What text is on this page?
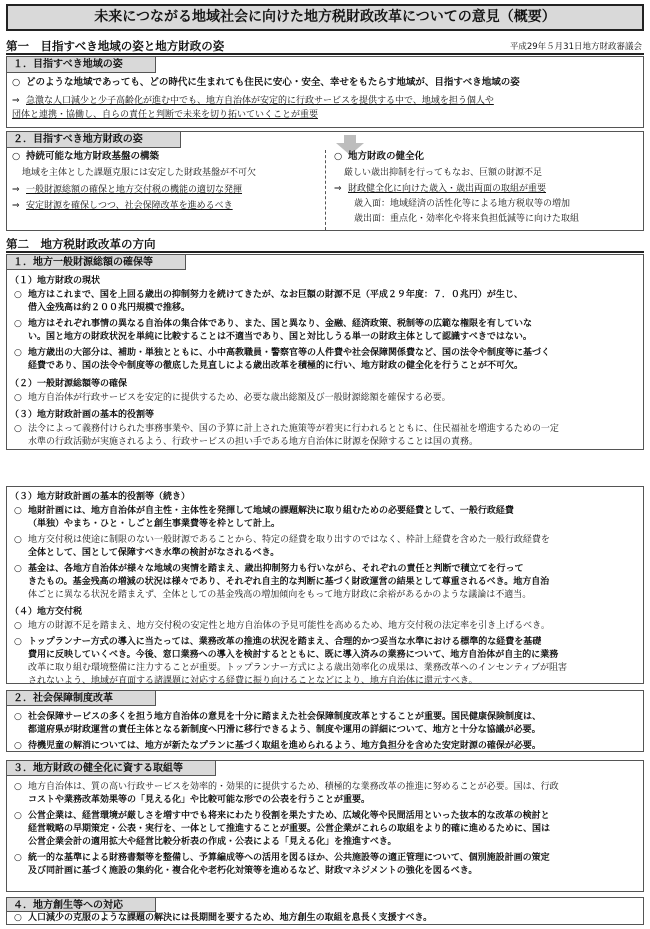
未来につながる地域社会に向けた地方税財政改革についての意見（概要）
第一　目指すべき地域の姿と地方財政の姿	平成29年５月31日地方財政審議会
１．目指すべき地域の姿
○ どのような地域であっても、どの時代に生まれても住民に安心・安全、幸せをもたらす地域が、目指すべき地域の姿
⇒ 急激な人口減少と少子高齢化が進む中でも、地方自治体が安定的に行政サービスを提供する中で、地域を担う個人や
団体と連携・協働し、自らの責任と判断で未来を切り拓いていくことが重要
２．目指すべき地方財政の姿
○ 持続可能な地方財政基盤の構築
地域を主体とした課題克服には安定した財政基盤が不可欠
⇒ 一般財源総額の確保と地方交付税の機能の適切な発揮
⇒ 安定財源を確保しつつ、社会保障改革を進めるべき
○ 地方財政の健全化
厳しい歳出抑制を行ってもなお、巨額の財源不足
⇒ 財政健全化に向けた歳入・歳出両面の取組が重要
歳入面：地域経済の活性化等による地方税収等の増加
歳出面：重点化・効率化や将来負担低減等に向けた取組
第二　地方税財政改革の方向
１．地方一般財源総額の確保等
（１）地方財政の現状
○ 地方はこれまで、国を上回る歳出の抑制努力を続けてきたが、なお巨額の財源不足（平成２９年度：７．０兆円）が生じ、
借入金残高は約２００兆円規模で推移。
○ 地方はそれぞれ事情の異なる自治体の集合体であり、また、国と異なり、金融、経済政策、税制等の広範な権限を有していな
い。国と地方の財政状況を単純に比較することは不適当であり、国と対比しうる単一の財政主体として認識すべきではない。
○ 地方歳出の大部分は、補助・単独とともに、小中高教職員・警察官等の人件費や社会保障関係費など、国の法令や制度等に基づく
経費であり、国の法令や制度等の徹底した見直しによる歳出改革を積極的に行い、地方財政の健全化を行うことが不可欠。
（２）一般財源総額等の確保
○ 地方自治体が行政サービスを安定的に提供するため、必要な歳出総額及び一般財源総額を確保する必要。
（３）地方財政計画の基本的役割等
○ 法令によって義務付けられた事務事業や、国の予算に計上された施策等が着実に行われるとともに、住民福祉を増進するための一定
水準の行政活動が実施されるよう、行政サービスの担い手である地方自治体に財源を保障することは国の責務。
（３）地方財政計画の基本的役割等（続き）
○ 地財計画には、地方自治体が自主性・主体性を発揮して地域の課題解決に取り組むための必要経費として、一般行政経費
（単独）やまち・ひと・しごと創生事業費等を枠として計上。
○ 地方交付税は使途に制限のない一般財源であることから、特定の経費を取り出すのではなく、枠計上経費を含めた一般行政経費を
全体として、国として保障すべき水準の検討がなされるべき。
○ 基金は、各地方自治体が様々な地域の実情を踏まえ、歳出抑制努力も行いながら、それぞれの責任と判断で積立てを行って
きたもの。基金残高の増減の状況は様々であり、それぞれ自主的な判断に基づく財政運営の結果として尊重されるべき。地方自治
体ごとに異なる状況を踏まえず、全体としての基金残高の増加傾向をもって地方財政に余裕があるかのような議論は不適当。
（４）地方交付税
○ 地方の財源不足を踏まえ、地方交付税の安定性と地方自治体の予見可能性を高めるため、地方交付税の法定率を引き上げるべき。
○ トップランナー方式の導入に当たっては、業務改革の推進の状況を踏まえ、合理的かつ妥当な水準における標準的な経費を基礎
費用に反映していくべき。今後、窓口業務への導入を検討するとともに、既に導入済みの業務について、地方自治体が自主的に業務
改革に取り組む環境整備に注力することが重要。トップランナー方式による歳出効率化の成果は、業務改革へのインセンティブが阻害
されないよう、地域が直面する諸課題に対応する経費に振り向けることなどにより、地方自治体に還元すべき。
２．社会保障制度改革
○ 社会保障サービスの多くを担う地方自治体の意見を十分に踏まえた社会保障制度改革とすることが重要。国民健康保険制度は、
都道府県が財政運営の責任主体となる新制度へ円滑に移行できるよう、制度や運用の詳細について、地方と十分な協議が必要。
○ 待機児童の解消については、地方が新たなプランに基づく取組を進められるよう、地方負担分を含めた安定財源の確保が必要。
３．地方財政の健全化に資する取組等
○ 地方自治体は、質の高い行政サービスを効率的・効果的に提供するため、積極的な業務改革の推進に努めることが必要。国は、行政
コストや業務改革効果等の「見える化」や比較可能な形での公表を行うことが重要。
○ 公営企業は、経営環境が厳しさを増す中でも将来にわたり役割を果たすため、広域化等や民間活用といった抜本的な改革の検討と
経営戦略の早期策定・公表・実行を、一体として推進することが重要。公営企業がこれらの取組をより的確に進めるために、国は
公営企業会計の適用拡大や経営比較分析表の作成・公表による「見える化」を推進すべき。
○ 統一的な基準による財務書類等を整備し、予算編成等への活用を図るほか、公共施設等の適正管理について、個別施設計画の策定
及び同計画に基づく施設の集約化・複合化や老朽化対策等を進めるなど、財政マネジメントの強化を図るべき。
４．地方創生等への対応
○ 人口減少の克服のような課題の解決には長期間を要するため、地方創生の取組を息長く支援すべき。
